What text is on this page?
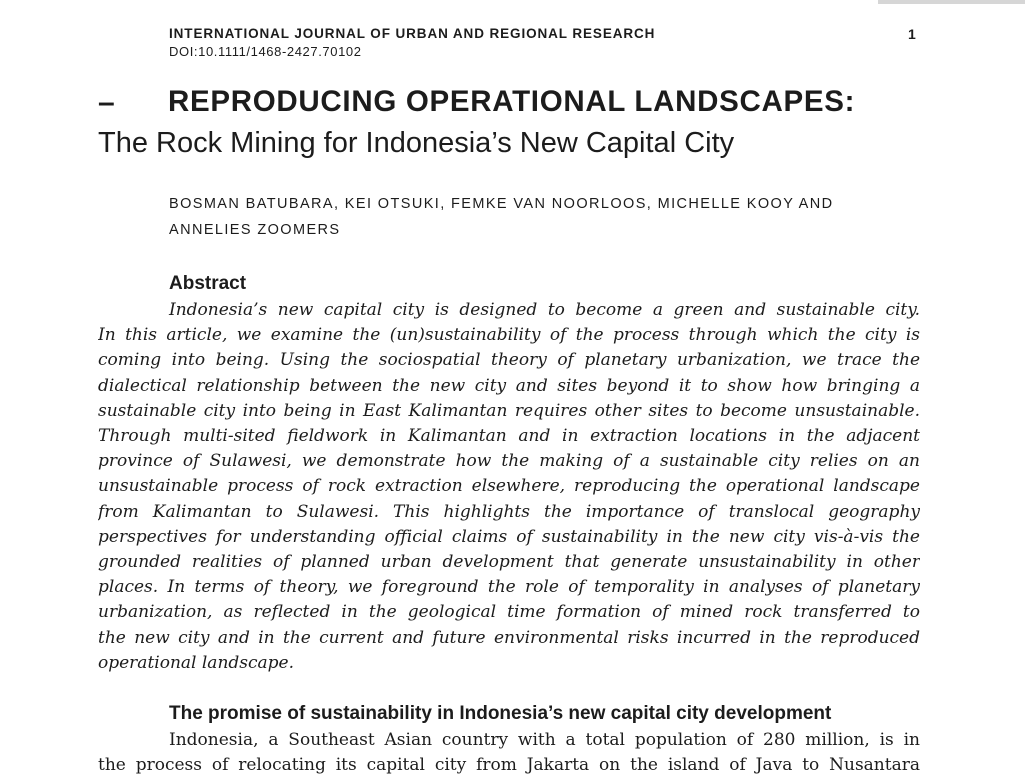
INTERNATIONAL JOURNAL OF URBAN AND REGIONAL RESEARCH
DOI:10.1111/1468-2427.70102
1
– REPRODUCING OPERATIONAL LANDSCAPES:
The Rock Mining for Indonesia’s New Capital City
BOSMAN BATUBARA, KEI OTSUKI, FEMKE VAN NOORLOOS, MICHELLE KOOY AND
ANNELIES ZOOMERS
Abstract
Indonesia’s new capital city is designed to become a green and sustainable city.
In this article, we examine the (un)sustainability of the process through which the city is
coming into being. Using the sociospatial theory of planetary urbanization, we trace the
dialectical relationship between the new city and sites beyond it to show how bringing a
sustainable city into being in East Kalimantan requires other sites to become unsustainable.
Through multi-sited fieldwork in Kalimantan and in extraction locations in the adjacent
province of Sulawesi, we demonstrate how the making of a sustainable city relies on an
unsustainable process of rock extraction elsewhere, reproducing the operational landscape
from Kalimantan to Sulawesi. This highlights the importance of translocal geography
perspectives for understanding official claims of sustainability in the new city vis-à-vis the
grounded realities of planned urban development that generate unsustainability in other
places. In terms of theory, we foreground the role of temporality in analyses of planetary
urbanization, as reflected in the geological time formation of mined rock transferred to
the new city and in the current and future environmental risks incurred in the reproduced
operational landscape.
The promise of sustainability in Indonesia’s new capital city development
Indonesia, a Southeast Asian country with a total population of 280 million, is in
the process of relocating its capital city from Jakarta on the island of Java to Nusantara
